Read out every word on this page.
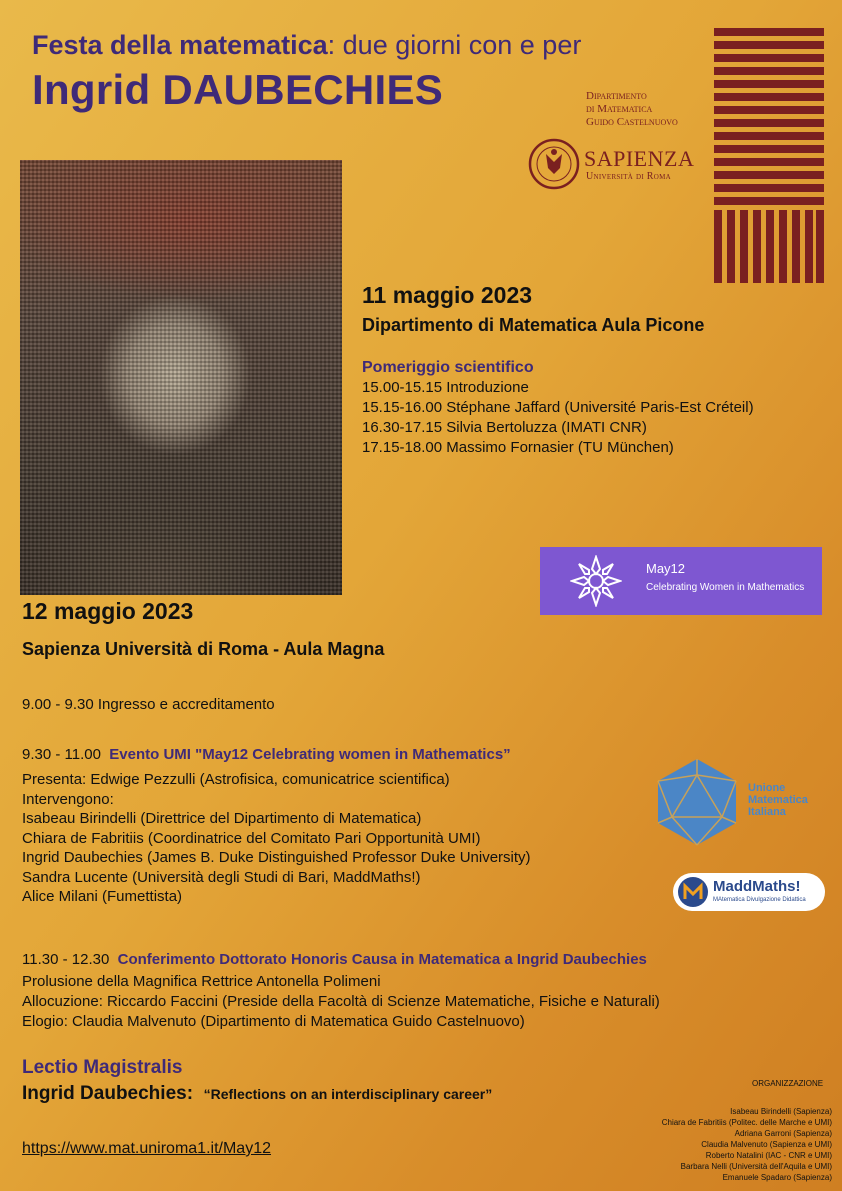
Festa della matematica: due giorni con e per
Ingrid DAUBECHIES	Dipartimento
di Matematica
Guido Castelnuovo
SAPIENZA
Università di Roma
11 maggio 2023
Dipartimento di Matematica Aula Picone
Pomeriggio scientifico
15.00-15.15 Introduzione
15.15-16.00 Stéphane Jaffard (Université Paris-Est Créteil)
16.30-17.15 Silvia Bertoluzza (IMATI CNR)
17.15-18.00 Massimo Fornasier (TU München)
May12
Celebrating Women in Mathematics
12 maggio 2023
Sapienza Università di Roma - Aula Magna
9.00 - 9.30 Ingresso e accreditamento
9.30 - 11.00 Evento UMI "May12 Celebrating women in Mathematics”
Presenta: Edwige Pezzulli (Astrofisica, comunicatrice scientifica)
Intervengono:
Isabeau Birindelli (Direttrice del Dipartimento di Matematica)
Chiara de Fabritiis (Coordinatrice del Comitato Pari Opportunità UMI)
Ingrid Daubechies (James B. Duke Distinguished Professor Duke University)
Sandra Lucente (Università degli Studi di Bari, MaddMaths!)
Alice Milani (Fumettista)
Unione
Matematica
Italiana
MaddMaths!
MAtematica Divulgazione Didattica
11.30 - 12.30 Conferimento Dottorato Honoris Causa in Matematica a Ingrid Daubechies
Prolusione della Magnifica Rettrice Antonella Polimeni
Allocuzione: Riccardo Faccini (Preside della Facoltà di Scienze Matematiche, Fisiche e Naturali)
Elogio: Claudia Malvenuto (Dipartimento di Matematica Guido Castelnuovo)
Lectio Magistralis
Ingrid Daubechies: “Reflections on an interdisciplinary career”
https://www.mat.uniroma1.it/May12
ORGANIZZAZIONE
Isabeau Birindelli (Sapienza)
Chiara de Fabritiis (Politec. delle Marche e UMI)
Adriana Garroni (Sapienza)
Claudia Malvenuto (Sapienza e UMI)
Roberto Natalini (IAC - CNR e UMI)
Barbara Nelli (Università dell'Aquila e UMI)
Emanuele Spadaro (Sapienza)
